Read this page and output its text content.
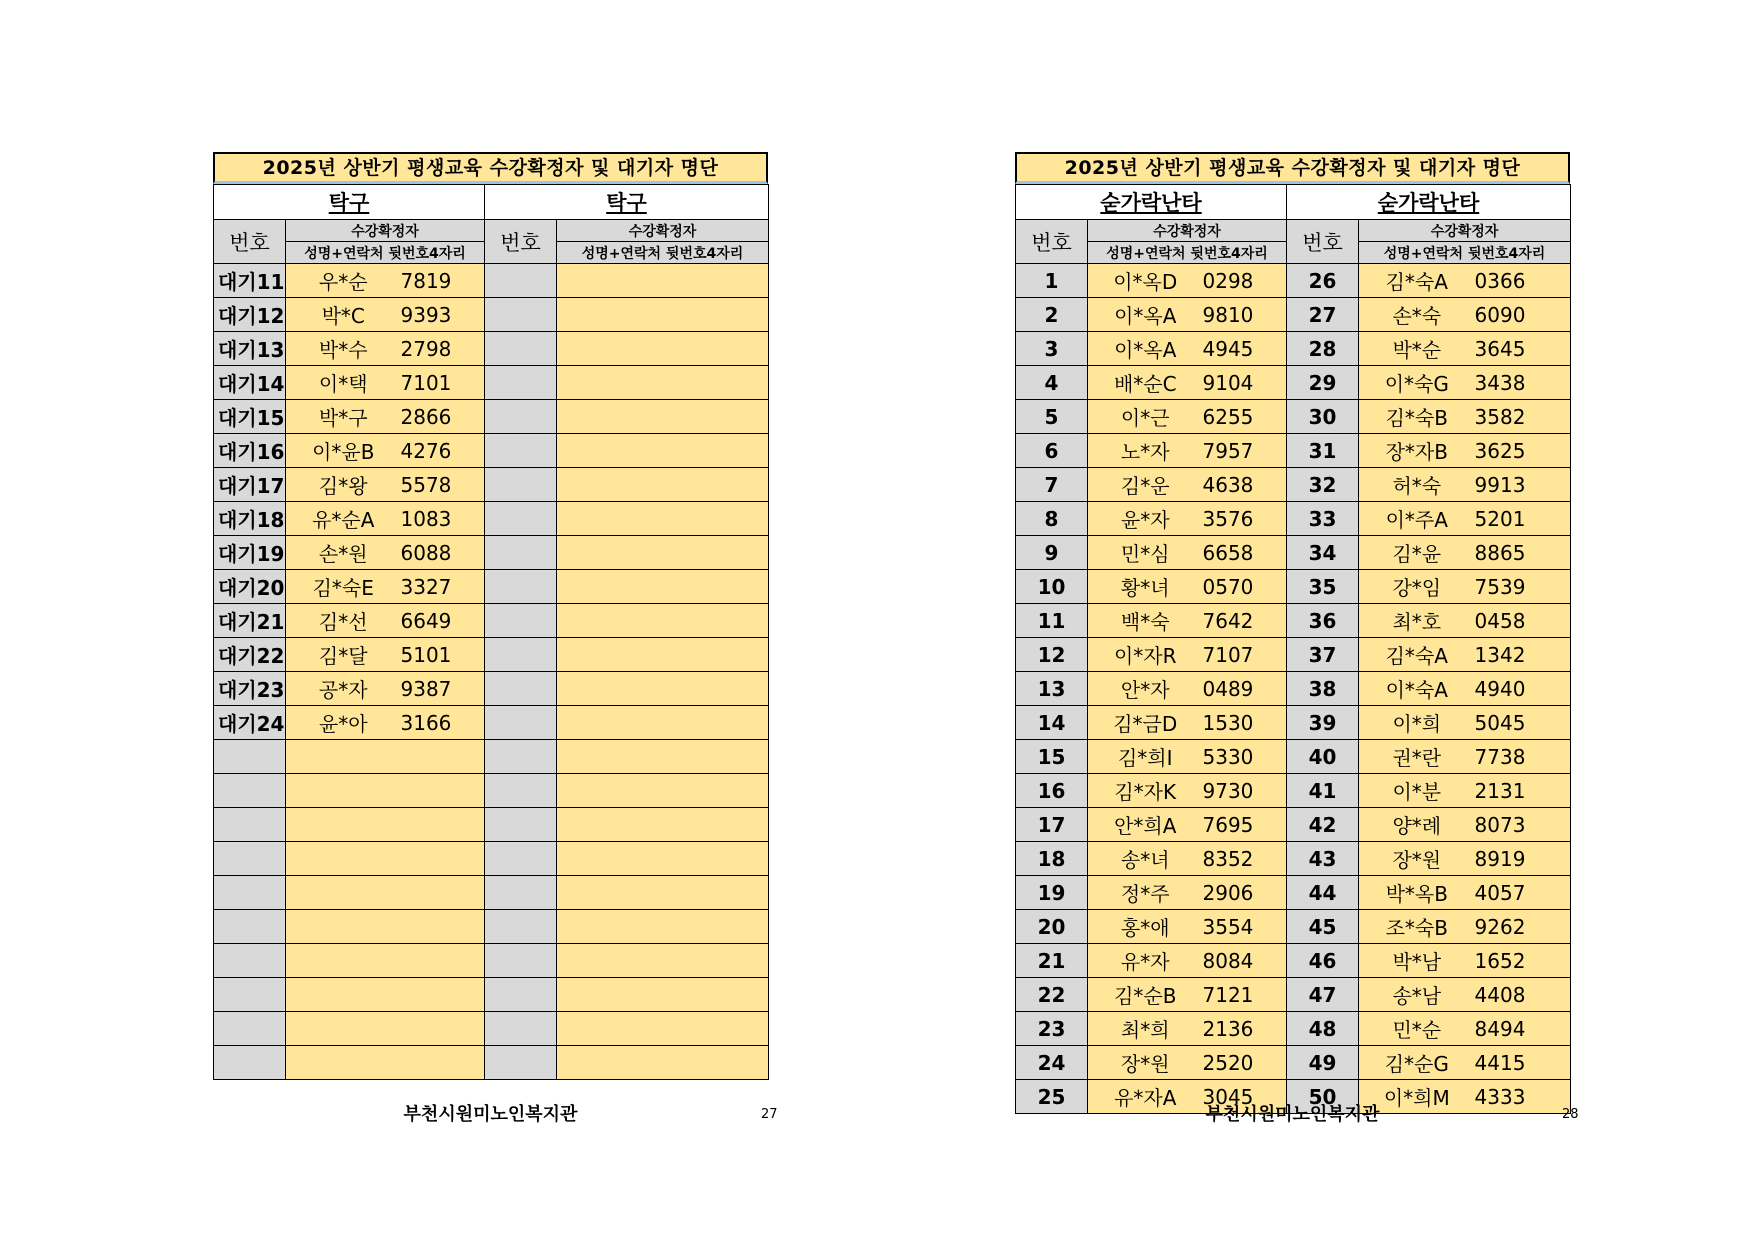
2025년 상반기 평생교육 수강확정자 및 대기자 명단
탁구			탁구	
번호	수강확정자		번호	수강확정자
	성명+연락처 뒷번호4자리			성명+연락처 뒷번호4자리
대기11	우*순	7819		
대기12	박*C	9393		
대기13	박*수	2798		
대기14	이*택	7101		
대기15	박*구	2866		
대기16	이*윤B	4276		
대기17	김*왕	5578		
대기18	유*순A	1083		
대기19	손*원	6088		
대기20	김*숙E	3327		
대기21	김*선	6649		
대기22	김*달	5101		
대기23	공*자	9387		
대기24	윤*아	3166		

부천시원미노인복지관	27
2025년 상반기 평생교육 수강확정자 및 대기자 명단
숟가락난타			숟가락난타		
번호	수강확정자		번호	수강확정자	
	성명+연락처 뒷번호4자리			성명+연락처 뒷번호4자리	
1	이*옥D	0298	26	김*숙A	0366
2	이*옥A	9810	27	손*숙	6090
3	이*옥A	4945	28	박*순	3645
4	배*순C	9104	29	이*숙G	3438
5	이*근	6255	30	김*숙B	3582
6	노*자	7957	31	장*자B	3625
7	김*운	4638	32	허*숙	9913
8	윤*자	3576	33	이*주A	5201
9	민*심	6658	34	김*윤	8865
10	황*녀	0570	35	강*임	7539
11	백*숙	7642	36	최*호	0458
12	이*자R	7107	37	김*숙A	1342
13	안*자	0489	38	이*숙A	4940
14	김*금D	1530	39	이*희	5045
15	김*희I	5330	40	권*란	7738
16	김*자K	9730	41	이*분	2131
17	안*희A	7695	42	양*례	8073
18	송*녀	8352	43	장*원	8919
19	정*주	2906	44	박*옥B	4057
20	홍*애	3554	45	조*숙B	9262
21	유*자	8084	46	박*남	1652
22	김*순B	7121	47	송*남	4408
23	최*희	2136	48	민*순	8494
24	장*원	2520	49	김*순G	4415
25	유*자A	3045	50	이*희M	4333
부천시원미노인복지관	28
